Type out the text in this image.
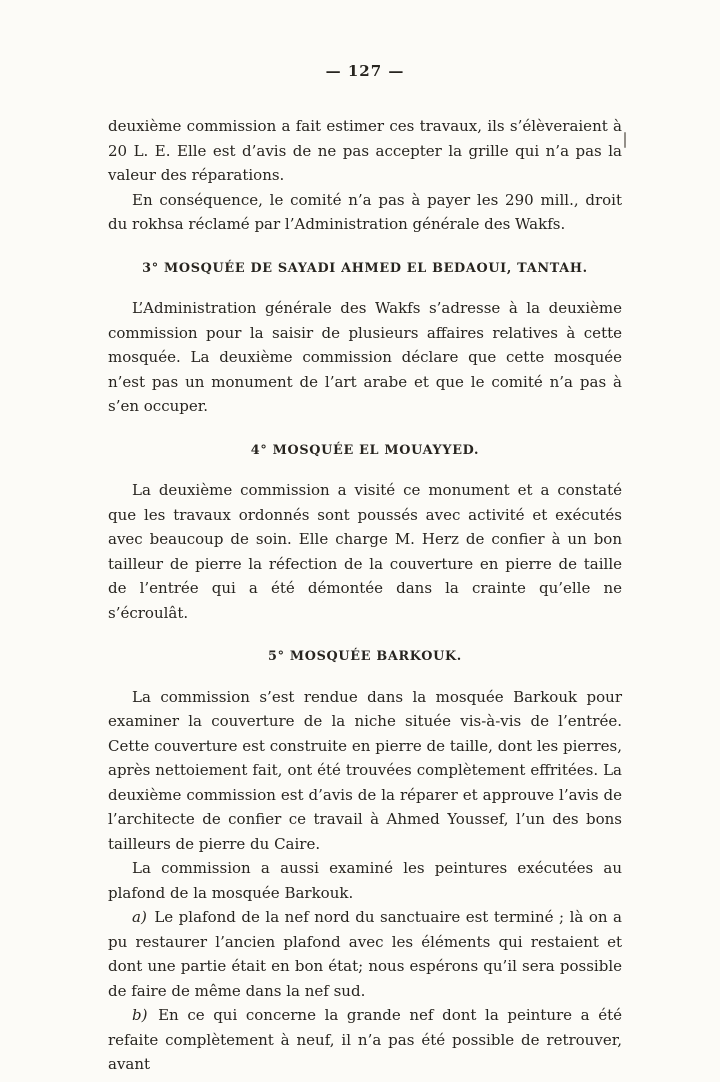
— 127 —

deuxième commission a fait estimer ces travaux, ils s’élèveraient à 20 L. E. Elle est d’avis de ne pas accepter la grille qui n’a pas la valeur des réparations.

En conséquence, le comité n’a pas à payer les 290 mill., droit du rokhsa réclamé par l’Administration générale des Wakfs.

3° MOSQUÉE DE SAYADI AHMED EL BEDAOUI, TANTAH.

L’Administration générale des Wakfs s’adresse à la deuxième commission pour la saisir de plusieurs affaires relatives à cette mosquée. La deuxième commission déclare que cette mosquée n’est pas un monument de l’art arabe et que le comité n’a pas à s’en occuper.

4° MOSQUÉE EL MOUAYYED.

La deuxième commission a visité ce monument et a constaté que les travaux ordonnés sont poussés avec activité et exécutés avec beaucoup de soin. Elle charge M. Herz de confier à un bon tailleur de pierre la réfection de la couverture en pierre de taille de l’entrée qui a été démontée dans la crainte qu’elle ne s’écroulât.

5° MOSQUÉE BARKOUK.

La commission s’est rendue dans la mosquée Barkouk pour examiner la couverture de la niche située vis-à-vis de l’entrée. Cette couverture est construite en pierre de taille, dont les pierres, après nettoiement fait, ont été trouvées complètement effritées. La deuxième commission est d’avis de la réparer et approuve l’avis de l’architecte de confier ce travail à Ahmed Youssef, l’un des bons tailleurs de pierre du Caire.

La commission a aussi examiné les peintures exécutées au plafond de la mosquée Barkouk.

a) Le plafond de la nef nord du sanctuaire est terminé ; là on a pu restaurer l’ancien plafond avec les éléments qui restaient et dont une partie était en bon état; nous espérons qu’il sera possible de faire de même dans la nef sud.

b) En ce qui concerne la grande nef dont la peinture a été refaite complètement à neuf, il n’a pas été possible de retrouver, avant
